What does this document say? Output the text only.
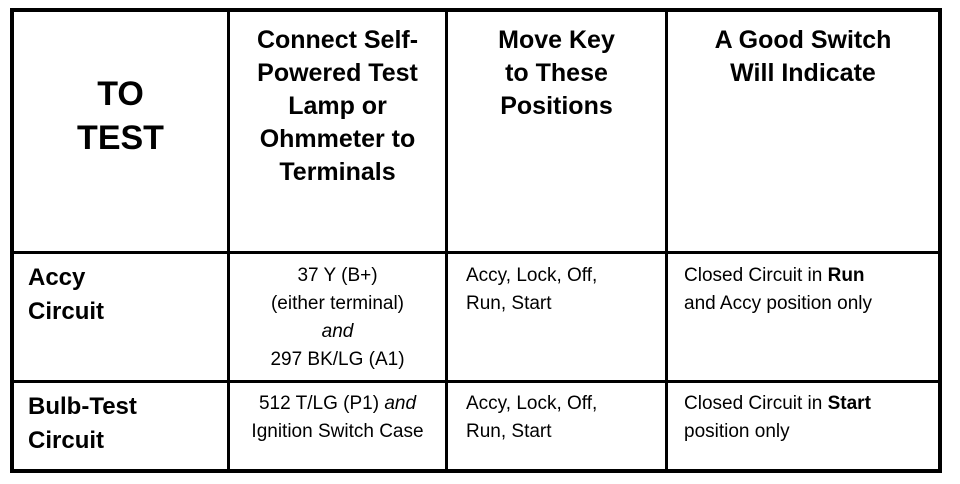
TO
TEST
Connect Self-
Powered Test
Lamp or
Ohmmeter to
Terminals
Move Key
to These
Positions
A Good Switch
Will Indicate
Accy
Circuit
37 Y (B+)
(either terminal)
and
297 BK/LG (A1)
Accy, Lock, Off,
Run, Start
Closed Circuit in Run
and Accy position only
Bulb-Test
Circuit
512 T/LG (P1) and
Ignition Switch Case
Accy, Lock, Off,
Run, Start
Closed Circuit in Start
position only
